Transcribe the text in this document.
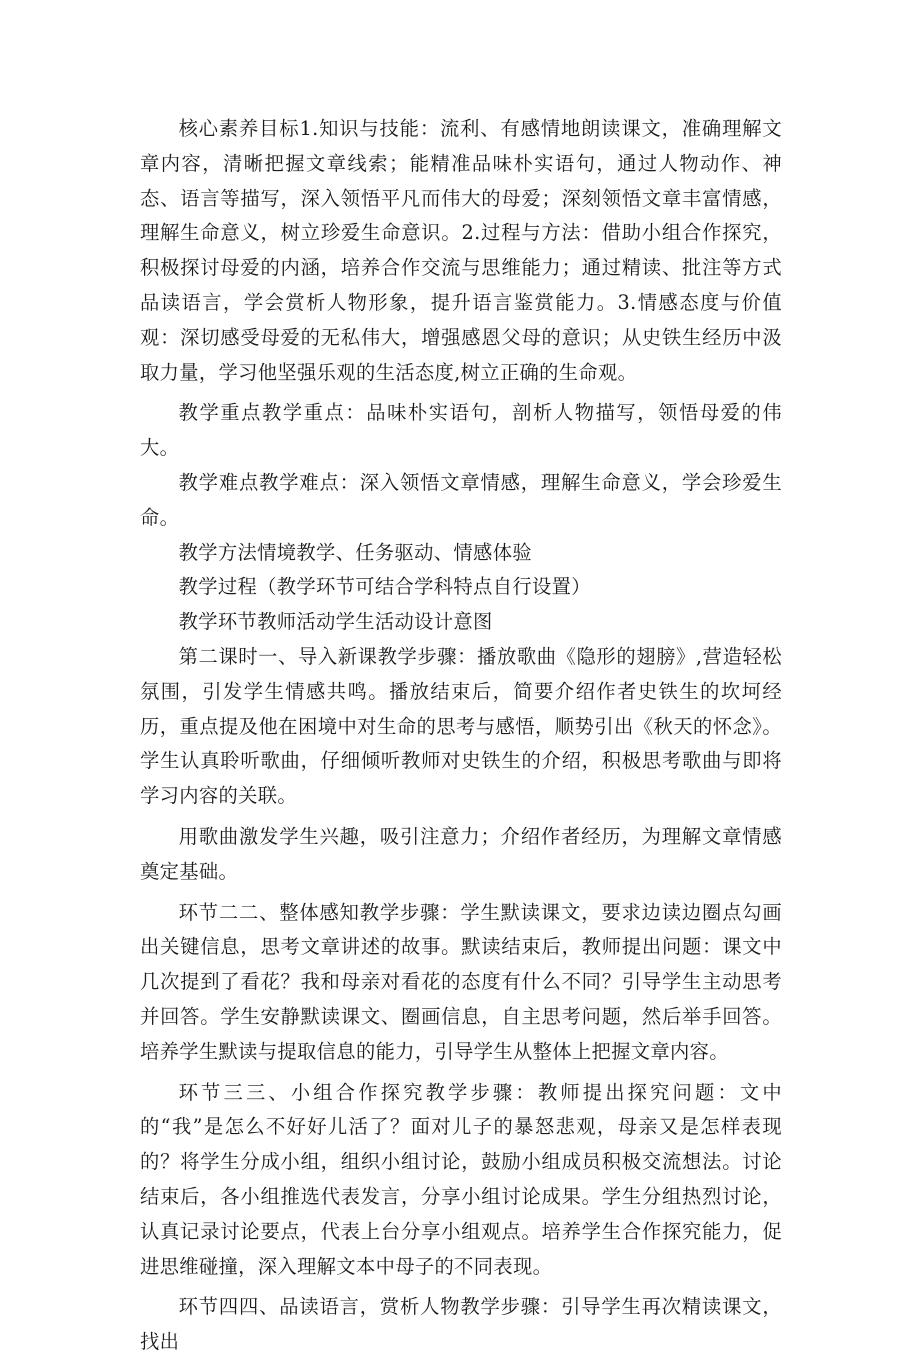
核心素养目标1.知识与技能：流利、有感情地朗读课文，准确理解文章内容，清晰把握文章线索；能精准品味朴实语句，通过人物动作、神态、语言等描写，深入领悟平凡而伟大的母爱；深刻领悟文章丰富情感，理解生命意义，树立珍爱生命意识。2.过程与方法：借助小组合作探究，积极探讨母爱的内涵，培养合作交流与思维能力；通过精读、批注等方式品读语言，学会赏析人物形象，提升语言鉴赏能力。3.情感态度与价值观：深切感受母爱的无私伟大，增强感恩父母的意识；从史铁生经历中汲取力量，学习他坚强乐观的生活态度,树立正确的生命观。

教学重点教学重点：品味朴实语句，剖析人物描写，领悟母爱的伟大。

教学难点教学难点：深入领悟文章情感，理解生命意义，学会珍爱生命。

教学方法情境教学、任务驱动、情感体验

教学过程（教学环节可结合学科特点自行设置）

教学环节教师活动学生活动设计意图

第二课时一、导入新课教学步骤：播放歌曲《隐形的翅膀》,营造轻松氛围，引发学生情感共鸣。播放结束后，简要介绍作者史铁生的坎坷经历，重点提及他在困境中对生命的思考与感悟，顺势引出《秋天的怀念》。学生认真聆听歌曲，仔细倾听教师对史铁生的介绍，积极思考歌曲与即将学习内容的关联。

用歌曲激发学生兴趣，吸引注意力；介绍作者经历，为理解文章情感奠定基础。

环节二二、整体感知教学步骤：学生默读课文，要求边读边圈点勾画出关键信息，思考文章讲述的故事。默读结束后，教师提出问题：课文中几次提到了看花？我和母亲对看花的态度有什么不同？引导学生主动思考并回答。学生安静默读课文、圈画信息，自主思考问题，然后举手回答。培养学生默读与提取信息的能力，引导学生从整体上把握文章内容。

环节三三、小组合作探究教学步骤：教师提出探究问题：文中的“我”是怎么不好好儿活了？面对儿子的暴怒悲观，母亲又是怎样表现的？将学生分成小组，组织小组讨论，鼓励小组成员积极交流想法。讨论结束后，各小组推选代表发言，分享小组讨论成果。学生分组热烈讨论，认真记录讨论要点，代表上台分享小组观点。培养学生合作探究能力，促进思维碰撞，深入理解文本中母子的不同表现。

环节四四、品读语言，赏析人物教学步骤：引导学生再次精读课文，找出
